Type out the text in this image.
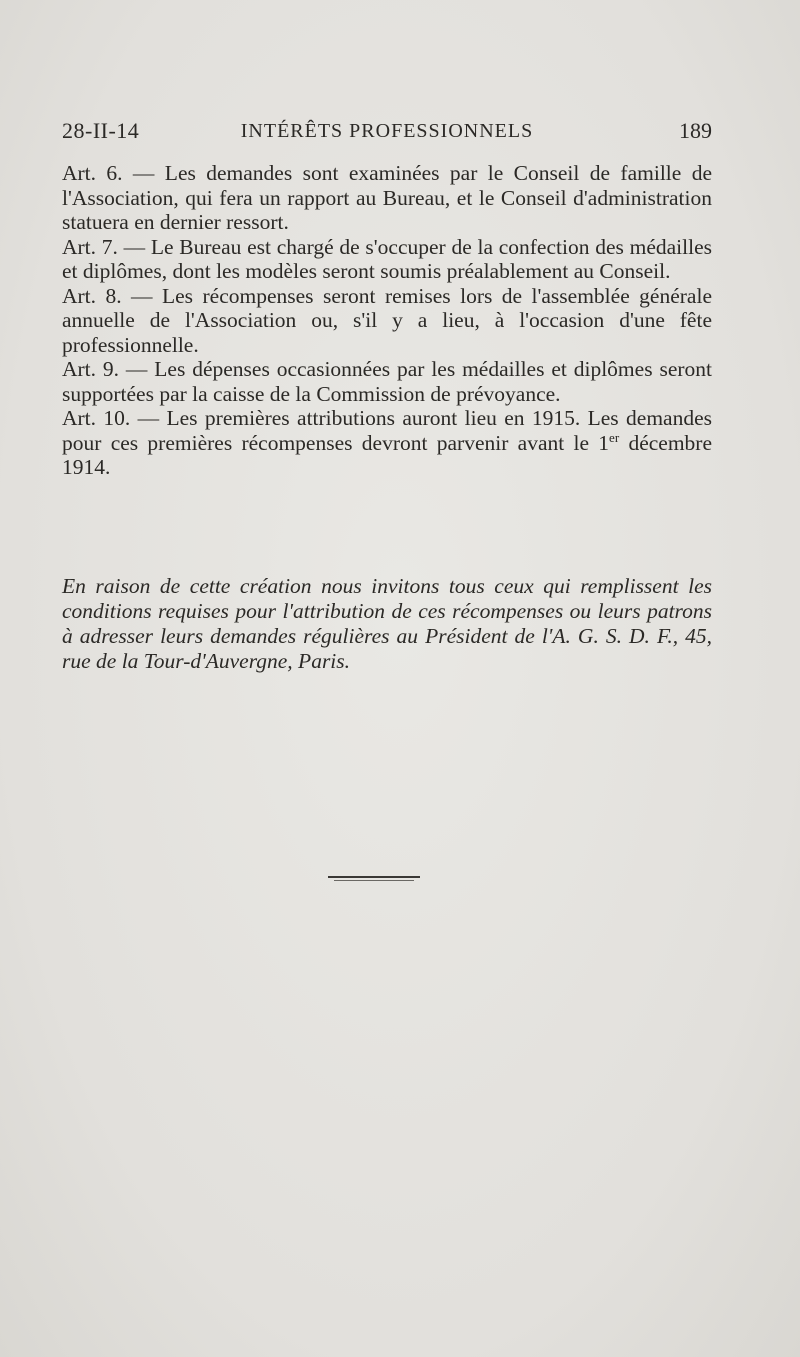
28-II-14	INTÉRÊTS PROFESSIONNELS	189

Art. 6. — Les demandes sont examinées par le Conseil de famille de l'Association, qui fera un rapport au Bureau, et le Conseil d'administration statuera en dernier ressort.

Art. 7. — Le Bureau est chargé de s'occuper de la confection des médailles et diplômes, dont les modèles seront soumis préalablement au Conseil.

Art. 8. — Les récompenses seront remises lors de l'assemblée générale annuelle de l'Association ou, s'il y a lieu, à l'occasion d'une fête professionnelle.

Art. 9. — Les dépenses occasionnées par les médailles et diplômes seront supportées par la caisse de la Commission de prévoyance.

Art. 10. — Les premières attributions auront lieu en 1915. Les demandes pour ces premières récompenses devront parvenir avant le 1er décembre 1914.

En raison de cette création nous invitons tous ceux qui remplissent les conditions requises pour l'attribution de ces récompenses ou leurs patrons à adresser leurs demandes régulières au Président de l'A. G. S. D. F., 45, rue de la Tour-d'Auvergne, Paris.
